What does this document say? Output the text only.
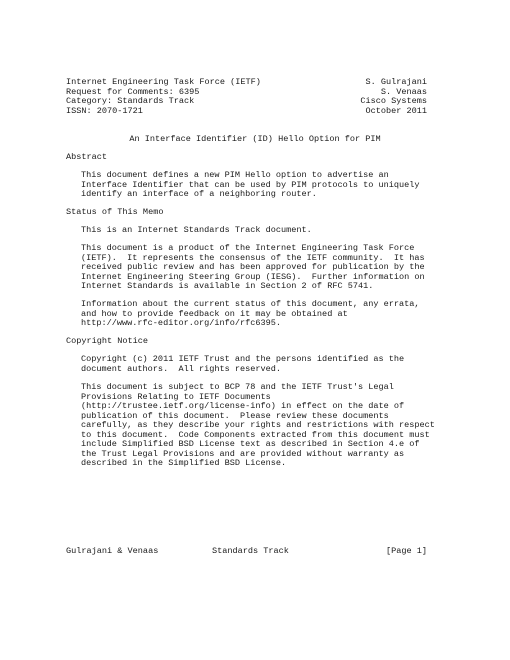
Internet Engineering Task Force (IETF)
Request for Comments: 6395
Category: Standards Track
ISSN: 2070-1721
S. Gulrajani
S. Venaas
Cisco Systems
October 2011
An Interface Identifier (ID) Hello Option for PIM
Abstract
This document defines a new PIM Hello option to advertise an
Interface Identifier that can be used by PIM protocols to uniquely
identify an interface of a neighboring router.
Status of This Memo
This is an Internet Standards Track document.
This document is a product of the Internet Engineering Task Force
(IETF).  It represents the consensus of the IETF community.  It has
received public review and has been approved for publication by the
Internet Engineering Steering Group (IESG).  Further information on
Internet Standards is available in Section 2 of RFC 5741.
Information about the current status of this document, any errata,
and how to provide feedback on it may be obtained at
http://www.rfc-editor.org/info/rfc6395.
Copyright Notice
Copyright (c) 2011 IETF Trust and the persons identified as the
document authors.  All rights reserved.
This document is subject to BCP 78 and the IETF Trust's Legal
Provisions Relating to IETF Documents
(http://trustee.ietf.org/license-info) in effect on the date of
publication of this document.  Please review these documents
carefully, as they describe your rights and restrictions with respect
to this document.  Code Components extracted from this document must
include Simplified BSD License text as described in Section 4.e of
the Trust Legal Provisions and are provided without warranty as
described in the Simplified BSD License.
Gulrajani & Venaas	Standards Track	[Page 1]
